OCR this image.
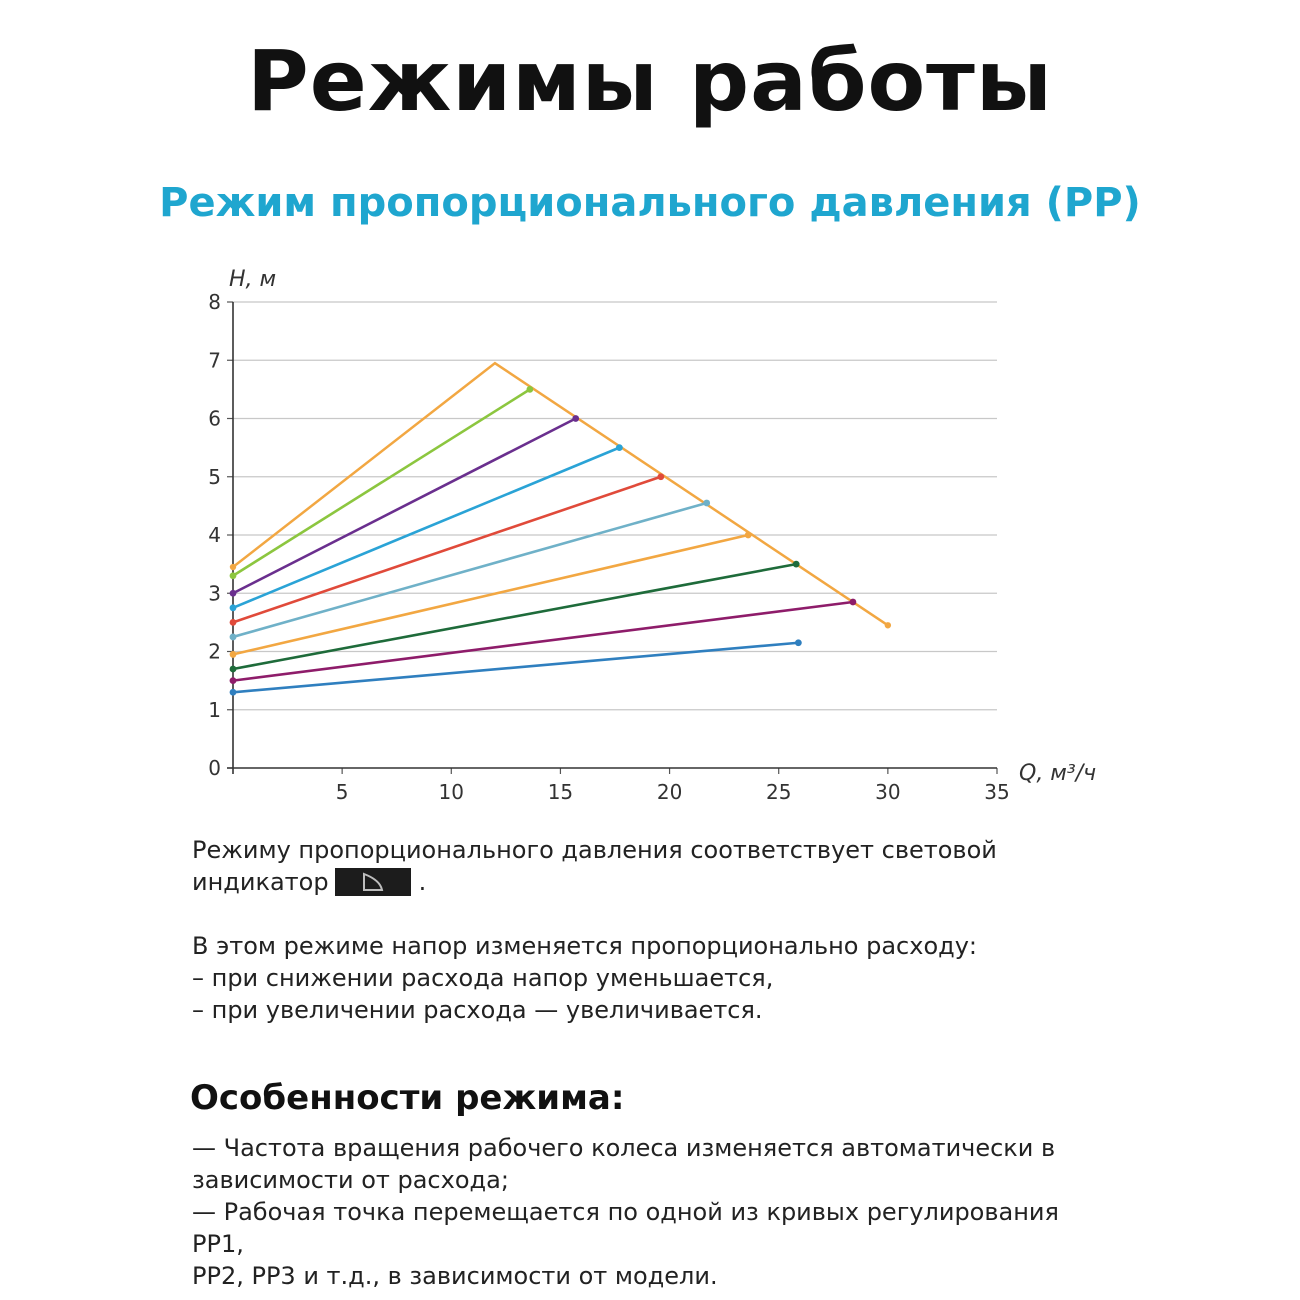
Режимы работы
Режим пропорционального давления (PP)
0
1
2
3
4
5
6
7
8
5	10	15	20	25	30	35
H, м
Q, м³/ч

Режиму пропорционального давления соответствует световой

индикатор	.

В этом режиме напор изменяется пропорционально расходу:

– при снижении расхода напор уменьшается,

– при увеличении расхода — увеличивается.

Особенности режима:

— Частота вращения рабочего колеса изменяется автоматически в

зависимости от расхода;

— Рабочая точка перемещается по одной из кривых регулирования PP1,

PP2, PP3 и т.д., в зависимости от модели.
